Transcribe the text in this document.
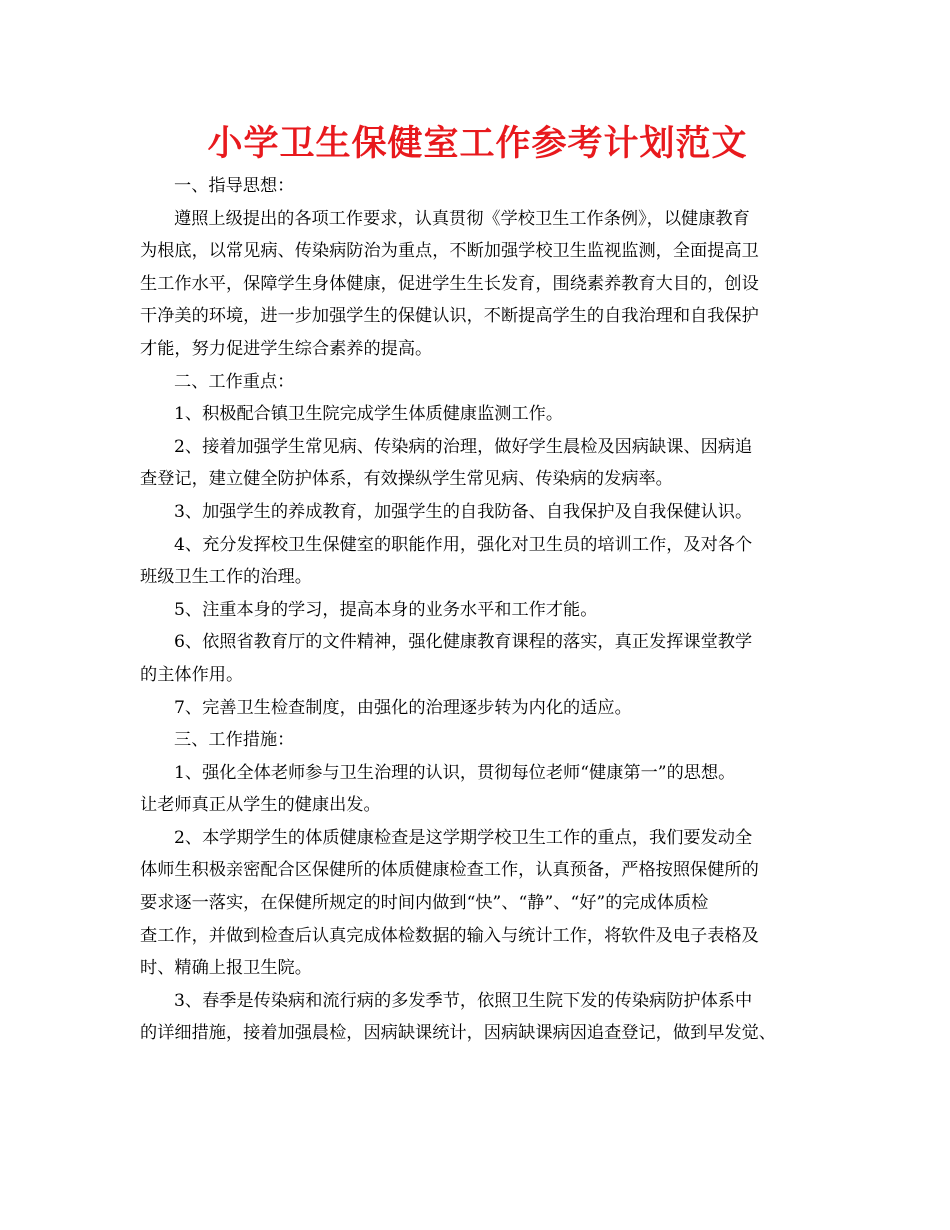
小学卫生保健室工作参考计划范文

一、指导思想：

遵照上级提出的各项工作要求，认真贯彻《学校卫生工作条例》，以健康教育
为根底，以常见病、传染病防治为重点，不断加强学校卫生监视监测，全面提高卫
生工作水平，保障学生身体健康，促进学生生长发育，围绕素养教育大目的，创设
干净美的环境，进一步加强学生的保健认识，不断提高学生的自我治理和自我保护
才能，努力促进学生综合素养的提高。

二、工作重点：

1、积极配合镇卫生院完成学生体质健康监测工作。

2、接着加强学生常见病、传染病的治理，做好学生晨检及因病缺课、因病追
查登记，建立健全防护体系，有效操纵学生常见病、传染病的发病率。

3、加强学生的养成教育，加强学生的自我防备、自我保护及自我保健认识。

4、充分发挥校卫生保健室的职能作用，强化对卫生员的培训工作，及对各个
班级卫生工作的治理。

5、注重本身的学习，提高本身的业务水平和工作才能。

6、依照省教育厅的文件精神，强化健康教育课程的落实，真正发挥课堂教学
的主体作用。

7、完善卫生检查制度，由强化的治理逐步转为内化的适应。

三、工作措施：

1、强化全体老师参与卫生治理的认识，贯彻每位老师“健康第一”的思想。
让老师真正从学生的健康出发。

2、本学期学生的体质健康检查是这学期学校卫生工作的重点，我们要发动全
体师生积极亲密配合区保健所的体质健康检查工作，认真预备，严格按照保健所的
要求逐一落实，在保健所规定的时间内做到“快”、“静”、“好”的完成体质检
查工作，并做到检查后认真完成体检数据的输入与统计工作，将软件及电子表格及
时、精确上报卫生院。

3、春季是传染病和流行病的多发季节，依照卫生院下发的传染病防护体系中
的详细措施，接着加强晨检，因病缺课统计，因病缺课病因追查登记，做到早发觉、
